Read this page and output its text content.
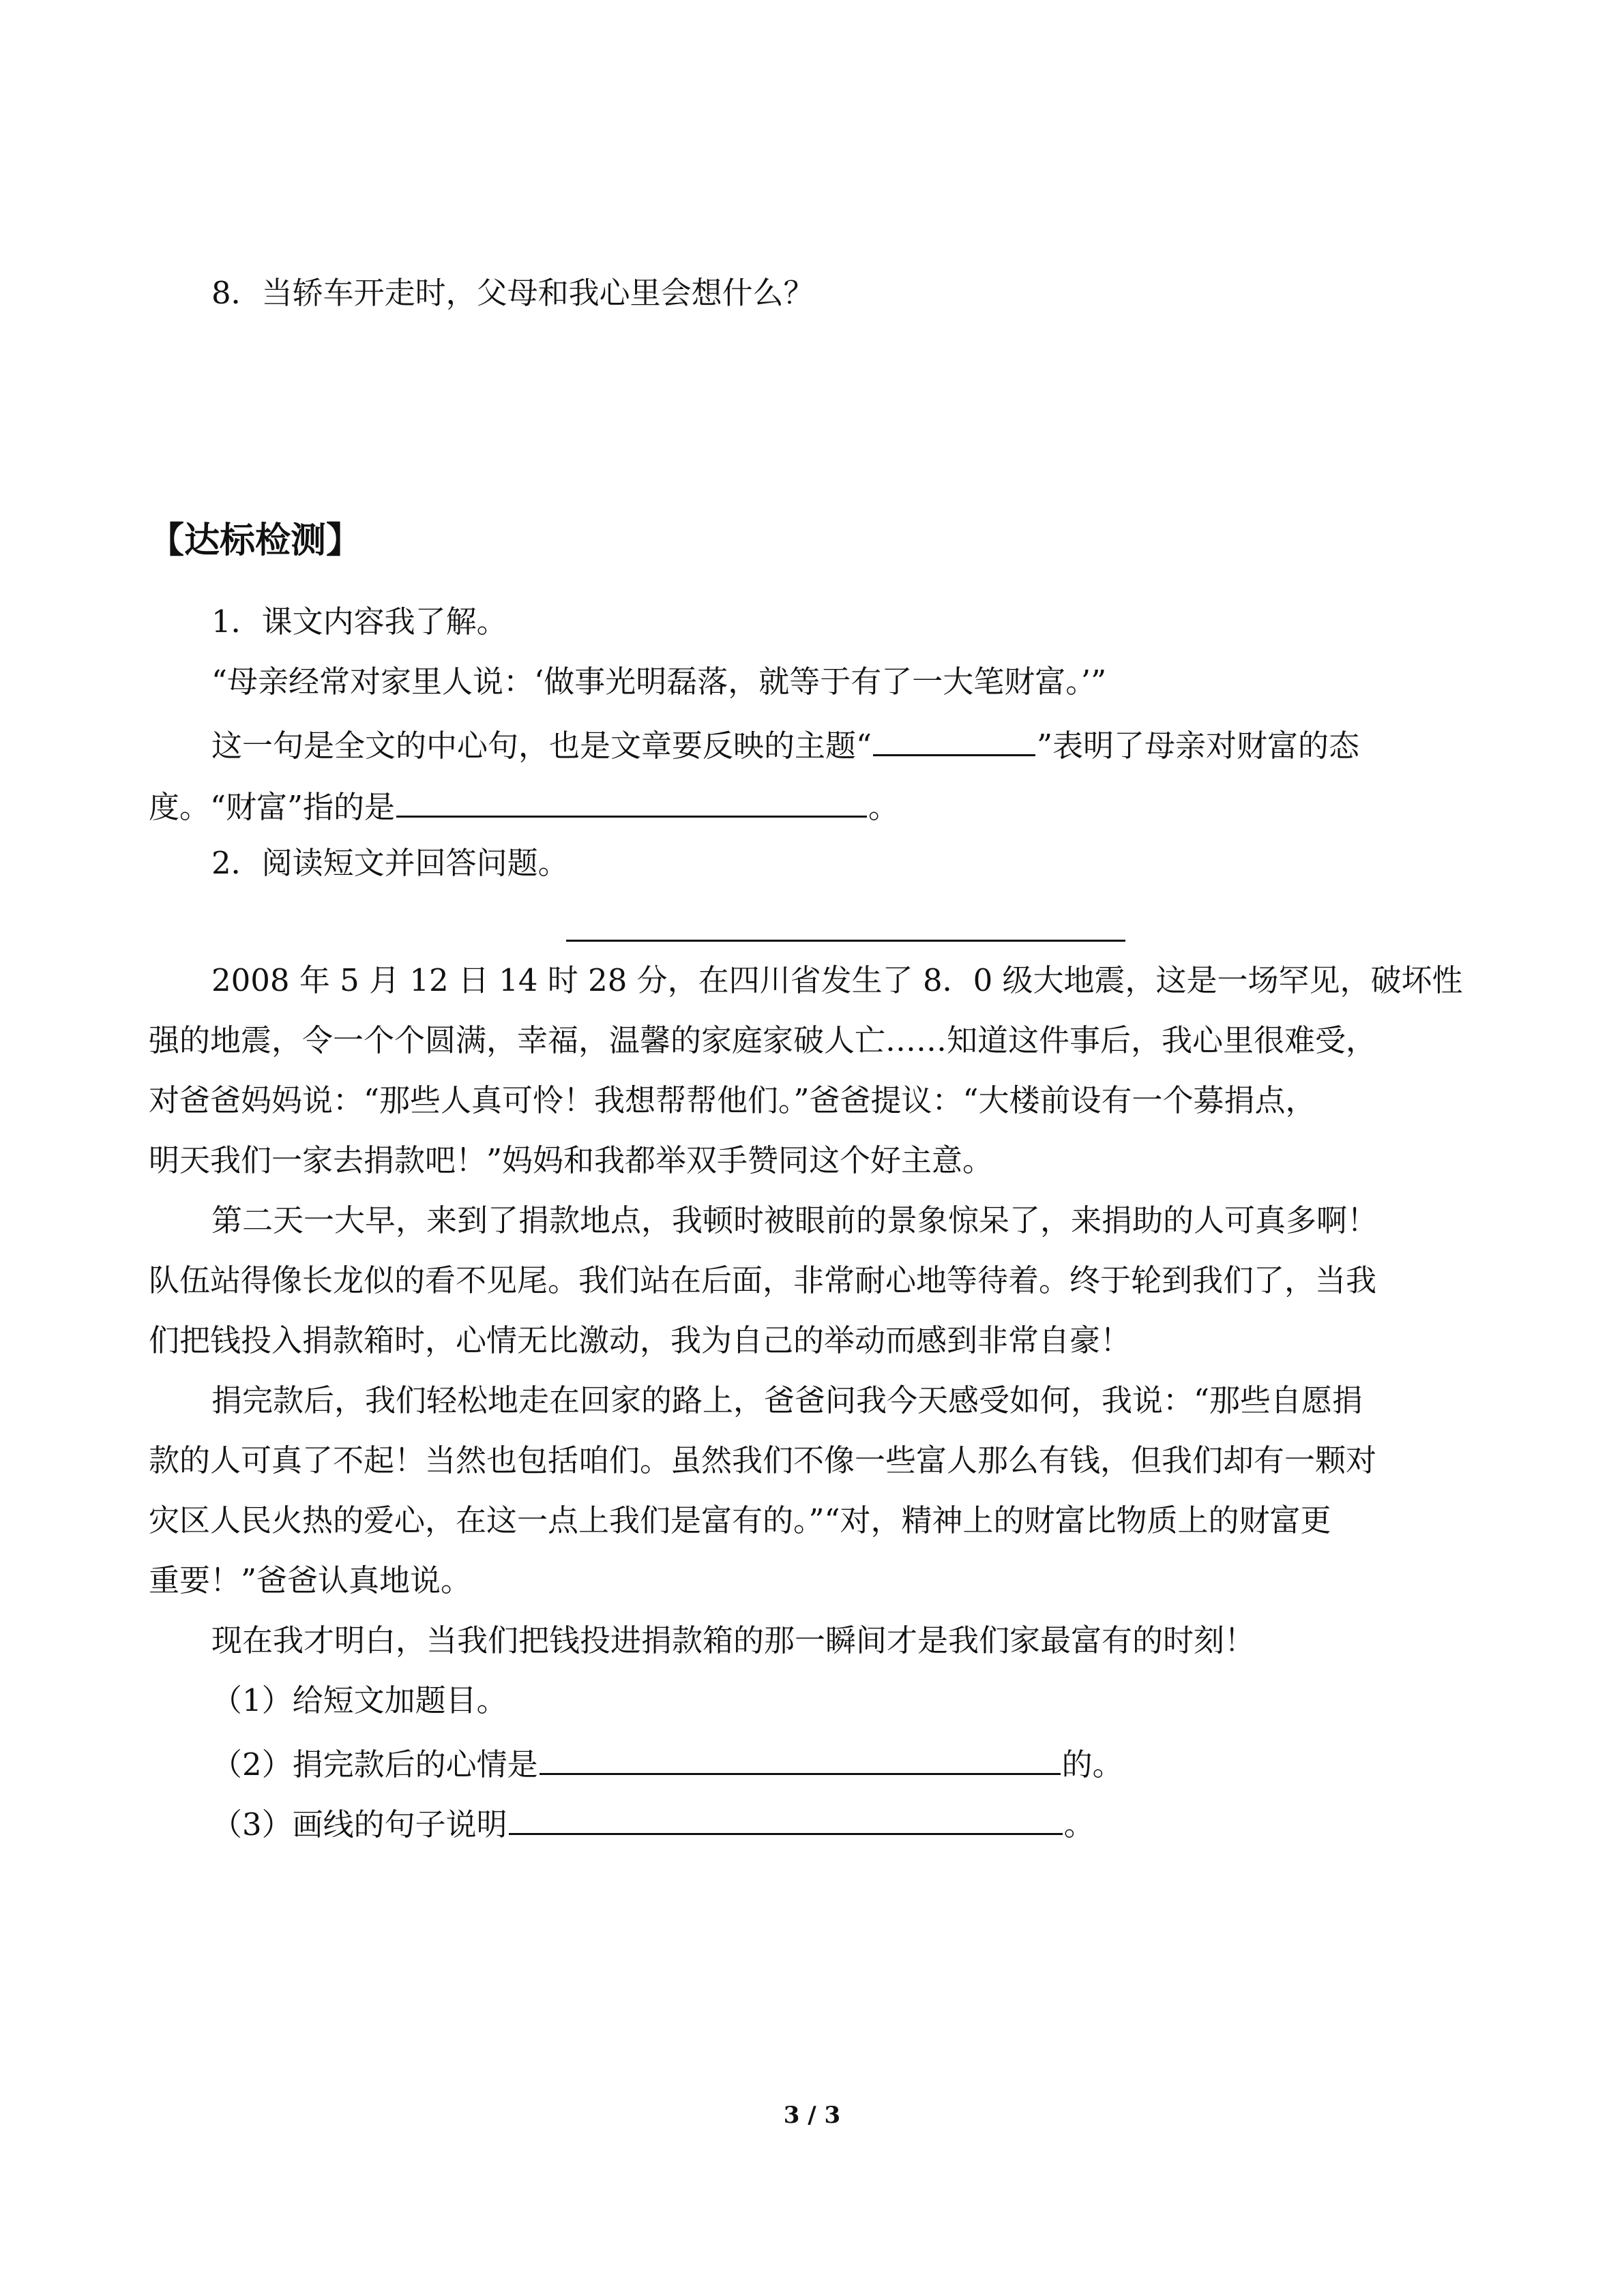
8．当轿车开走时，父母和我心里会想什么？
【达标检测】
1．课文内容我了解。
“母亲经常对家里人说：‘做事光明磊落，就等于有了一大笔财富。’”
这一句是全文的中心句，也是文章要反映的主题“	”表明了母亲对财富的态
度。“财富”指的是	。
2．阅读短文并回答问题。
2008 年 5 月 12 日 14 时 28 分，在四川省发生了 8．0 级大地震，这是一场罕见，破坏性
强的地震，令一个个圆满，幸福，温馨的家庭家破人亡……知道这件事后，我心里很难受，
对爸爸妈妈说：“那些人真可怜！我想帮帮他们。”爸爸提议：“大楼前设有一个募捐点，
明天我们一家去捐款吧！”妈妈和我都举双手赞同这个好主意。
第二天一大早，来到了捐款地点，我顿时被眼前的景象惊呆了，来捐助的人可真多啊！
队伍站得像长龙似的看不见尾。我们站在后面，非常耐心地等待着。终于轮到我们了，当我
们把钱投入捐款箱时，心情无比激动，我为自己的举动而感到非常自豪！
捐完款后，我们轻松地走在回家的路上，爸爸问我今天感受如何，我说：“那些自愿捐
款的人可真了不起！当然也包括咱们。虽然我们不像一些富人那么有钱，但我们却有一颗对
灾区人民火热的爱心，在这一点上我们是富有的。”“对，精神上的财富比物质上的财富更
重要！”爸爸认真地说。
现在我才明白，当我们把钱投进捐款箱的那一瞬间才是我们家最富有的时刻！
（1）给短文加题目。
（2）捐完款后的心情是	的。
（3）画线的句子说明	。
3 / 3
